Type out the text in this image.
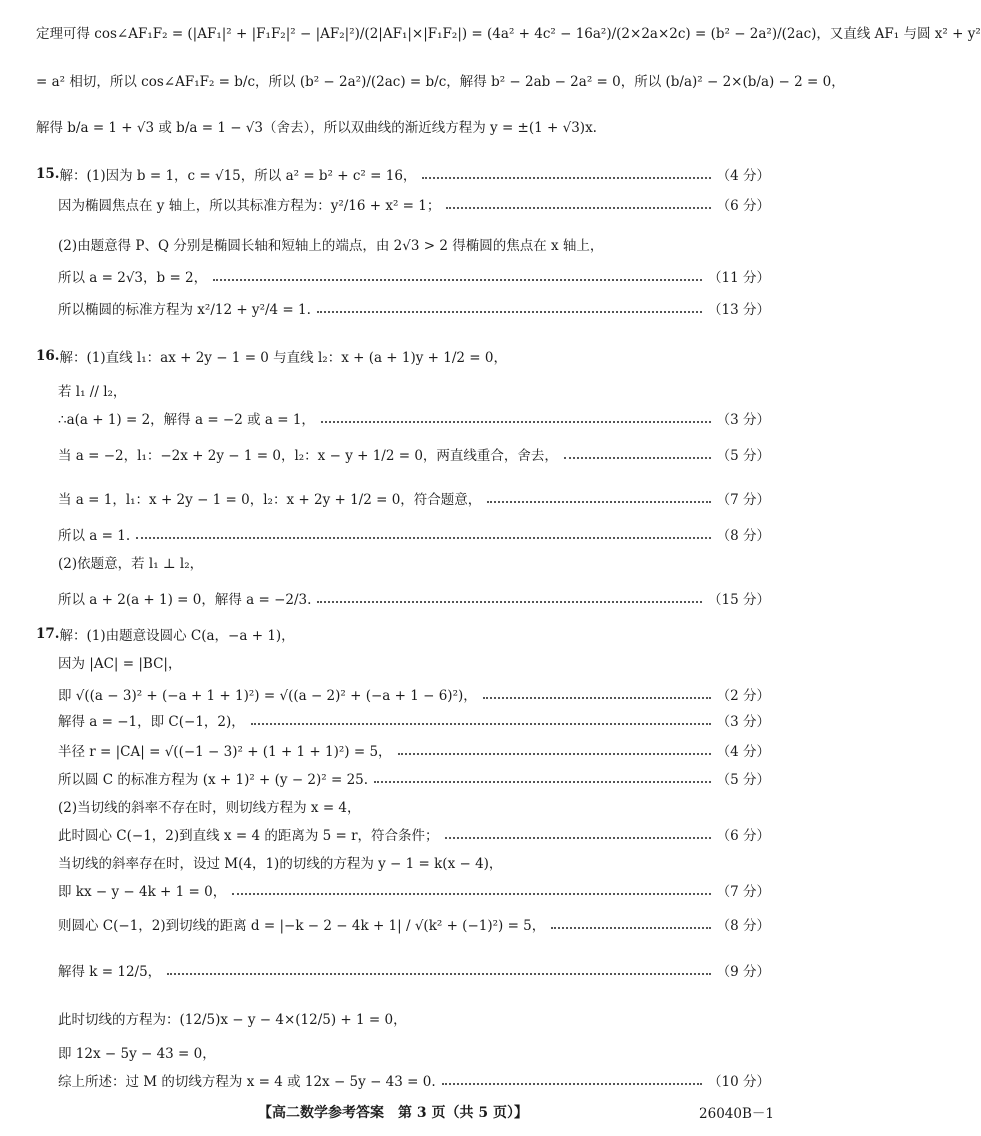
定理可得 cos∠AF₁F₂ = (|AF₁|² + |F₁F₂|² − |AF₂|²)/(2|AF₁|×|F₁F₂|) = (4a² + 4c² − 16a²)/(2×2a×2c) = (b² − 2a²)/(2ac)，又直线 AF₁ 与圆 x² + y²
= a² 相切，所以 cos∠AF₁F₂ = b/c，所以 (b² − 2a²)/(2ac) = b/c，解得 b² − 2ab − 2a² = 0，所以 (b/a)² − 2×(b/a) − 2 = 0，
解得 b/a = 1 + √3 或 b/a = 1 − √3（舍去），所以双曲线的渐近线方程为 y = ±(1 + √3)x.
15. 解：(1)因为 b = 1，c = √15，所以 a² = b² + c² = 16，	（4 分）
因为椭圆焦点在 y 轴上，所以其标准方程为：y²/16 + x² = 1；	（6 分）
(2)由题意得 P、Q 分别是椭圆长轴和短轴上的端点，由 2√3 > 2 得椭圆的焦点在 x 轴上，
所以 a = 2√3，b = 2，	（11 分）
所以椭圆的标准方程为 x²/12 + y²/4 = 1.	（13 分）
16. 解：(1)直线 l₁：ax + 2y − 1 = 0 与直线 l₂：x + (a + 1)y + 1/2 = 0，
若 l₁ // l₂，
∴a(a + 1) = 2，解得 a = −2 或 a = 1，	（3 分）
当 a = −2，l₁：−2x + 2y − 1 = 0，l₂：x − y + 1/2 = 0，两直线重合，舍去，	（5 分）
当 a = 1，l₁：x + 2y − 1 = 0，l₂：x + 2y + 1/2 = 0，符合题意，	（7 分）
所以 a = 1.	（8 分）
(2)依题意，若 l₁ ⊥ l₂，
所以 a + 2(a + 1) = 0，解得 a = −2/3.	（15 分）
17. 解：(1)由题意设圆心 C(a，−a + 1)，
因为 |AC| = |BC|，
即 √((a − 3)² + (−a + 1 + 1)²) = √((a − 2)² + (−a + 1 − 6)²)，	（2 分）
解得 a = −1，即 C(−1，2)，	（3 分）
半径 r = |CA| = √((−1 − 3)² + (1 + 1 + 1)²) = 5，	（4 分）
所以圆 C 的标准方程为 (x + 1)² + (y − 2)² = 25.	（5 分）
(2)当切线的斜率不存在时，则切线方程为 x = 4，
此时圆心 C(−1，2)到直线 x = 4 的距离为 5 = r，符合条件；	（6 分）
当切线的斜率存在时，设过 M(4，1)的切线的方程为 y − 1 = k(x − 4)，
即 kx − y − 4k + 1 = 0，	（7 分）
则圆心 C(−1，2)到切线的距离 d = |−k − 2 − 4k + 1| / √(k² + (−1)²) = 5，	（8 分）
解得 k = 12/5，	（9 分）
此时切线的方程为：(12/5)x − y − 4×(12/5) + 1 = 0，
即 12x − 5y − 43 = 0，
综上所述：过 M 的切线方程为 x = 4 或 12x − 5y − 43 = 0.	（10 分）
【高二数学参考答案　第 3 页（共 5 页）】	26040B－1
